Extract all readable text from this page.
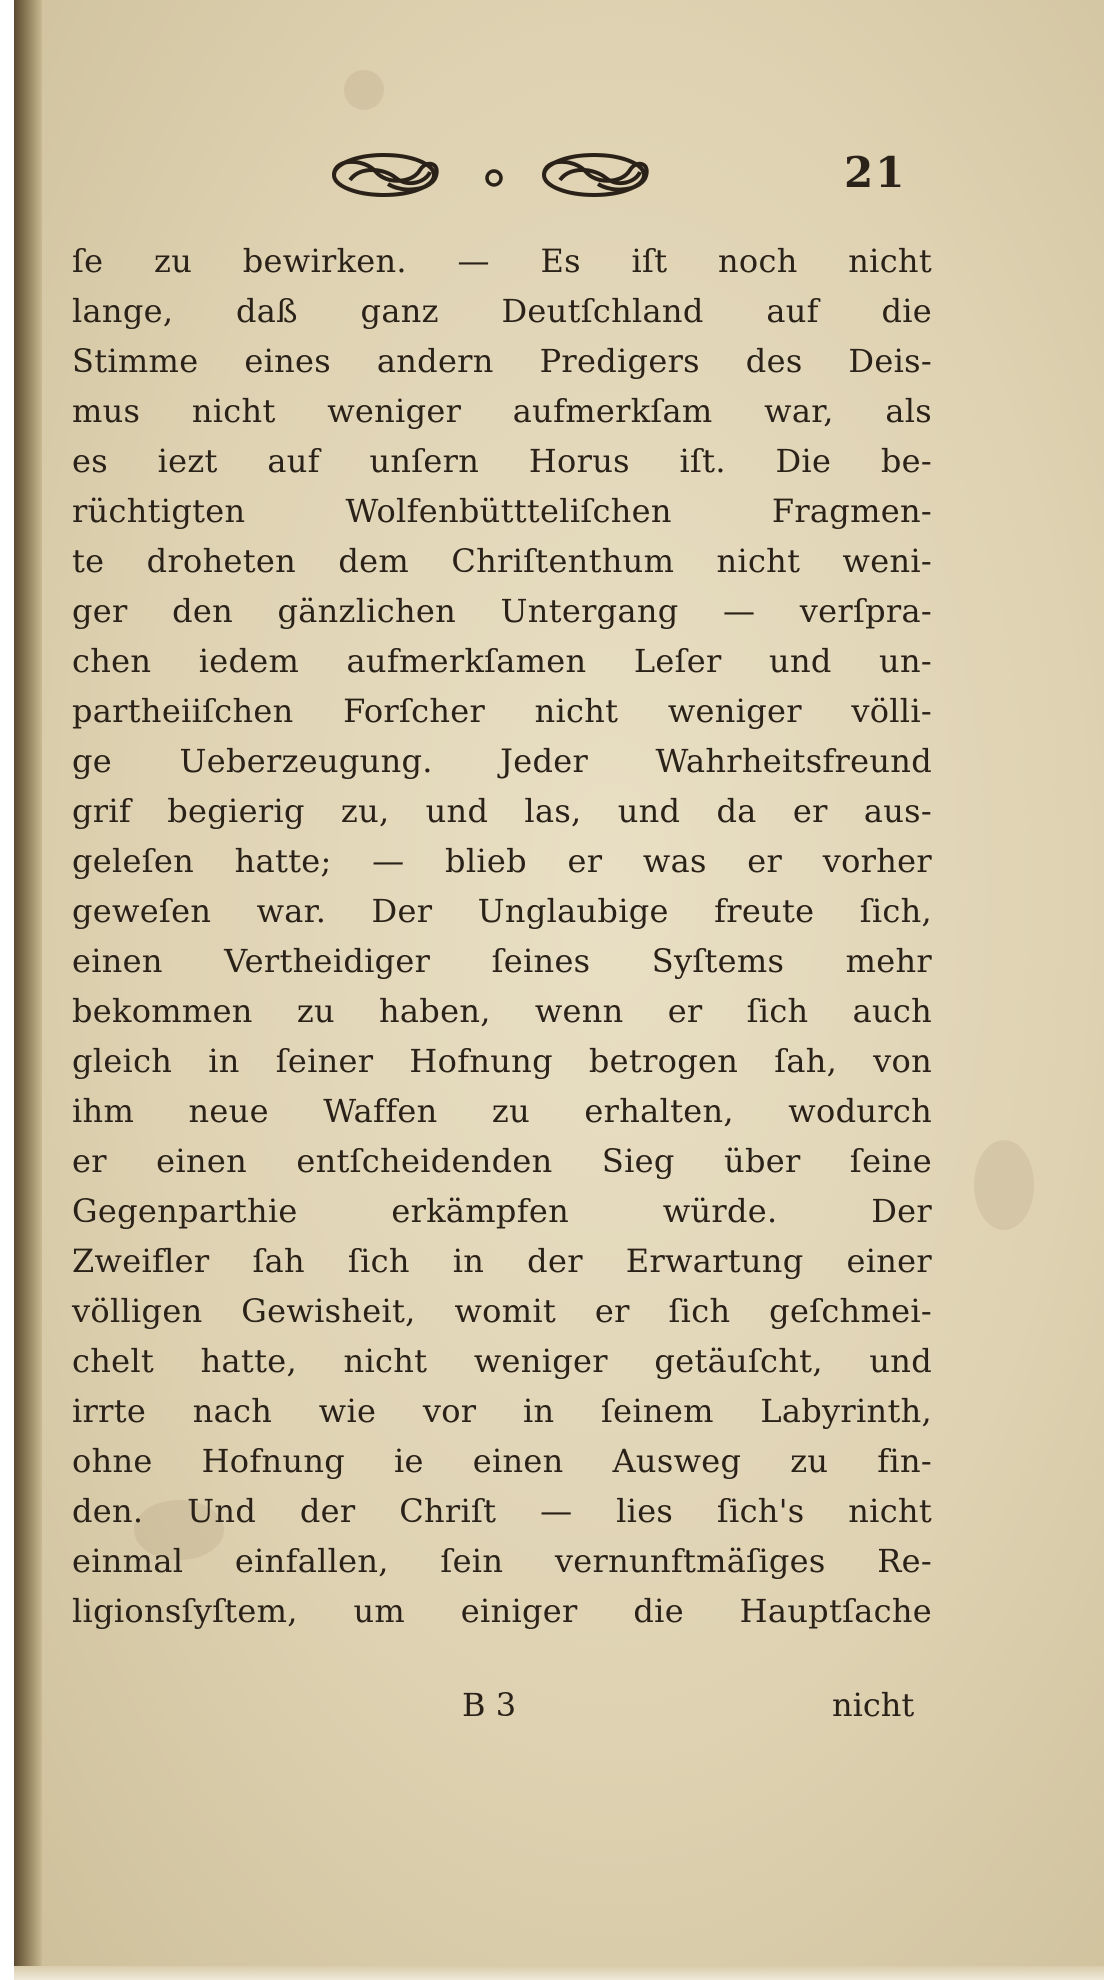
21
ſe zu bewirken. — Es iſt noch nicht
lange, daß ganz Deutſchland auf die
Stimme eines andern Predigers des Deis-
mus nicht weniger aufmerkſam war, als
es iezt auf unſern Horus iſt. Die be-
rüchtigten Wolfenbüttteliſchen Fragmen-
te droheten dem Chriſtenthum nicht weni-
ger den gänzlichen Untergang — verſpra-
chen iedem aufmerkſamen Leſer und un-
partheiiſchen Forſcher nicht weniger völli-
ge Ueberzeugung. Jeder Wahrheitsfreund
grif begierig zu, und las, und da er aus-
geleſen hatte; — blieb er was er vorher
geweſen war. Der Unglaubige freute ſich,
einen Vertheidiger ſeines Syſtems mehr
bekommen zu haben, wenn er ſich auch
gleich in ſeiner Hofnung betrogen ſah, von
ihm neue Waffen zu erhalten, wodurch
er einen entſcheidenden Sieg über ſeine
Gegenparthie erkämpfen würde. Der
Zweifler ſah ſich in der Erwartung einer
völligen Gewisheit, womit er ſich geſchmei-
chelt hatte, nicht weniger getäuſcht, und
irrte nach wie vor in ſeinem Labyrinth,
ohne Hofnung ie einen Ausweg zu fin-
den. Und der Chriſt — lies ſich's nicht
einmal einfallen, ſein vernunftmäſiges Re-
ligionsſyſtem, um einiger die Hauptſache
B 3	nicht
